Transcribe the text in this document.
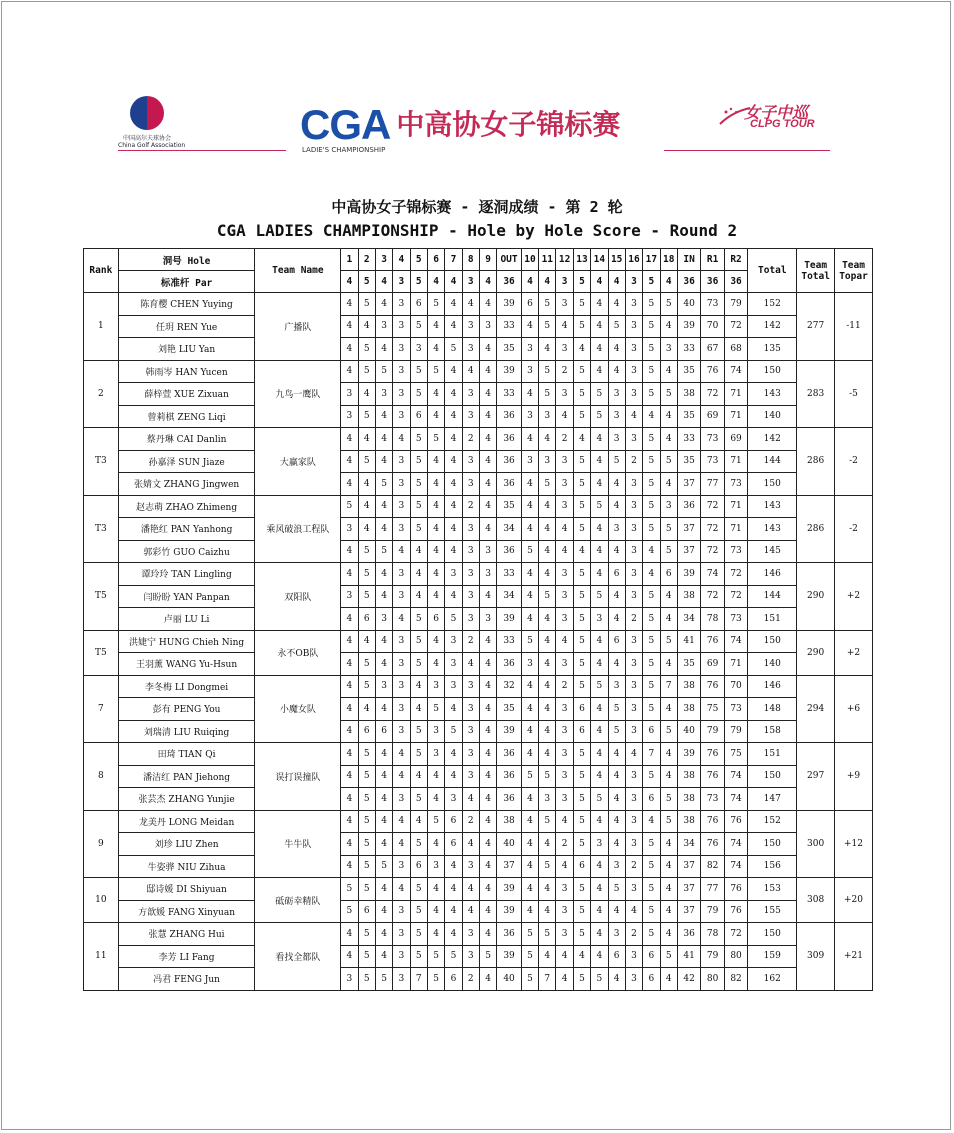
中国高尔夫球协会
China Golf Association	CGA 中高协女子锦标赛
LADIE'S CHAMPIONSHIP
女子中巡
CLPG TOUR
中高协女子锦标赛 - 逐洞成绩 - 第 2 轮
CGA LADIES CHAMPIONSHIP - Hole by Hole Score - Round 2
Rank	洞号 Hole	Team Name	1	2	3	4	5	6	7	8	9	OUT	10	11	12	13	14	15	16	17	18	IN	R1	R2	Total	Team Total	Team Topar
	标准杆 Par		4	5	4	3	5	4	4	3	4	36	4	4	3	5	4	4	3	5	4	36	36	36			
1	陈育樱 CHEN Yuying	广播队	4	5	4	3	6	5	4	4	4	39	6	5	3	5	4	4	3	5	5	40	73	79	152	277	-11
	任玥 REN Yue		4	4	3	3	5	4	4	3	3	33	4	5	4	5	4	5	3	5	4	39	70	72	142		
	刘艳 LIU Yan		4	5	4	3	3	4	5	3	4	35	3	4	3	4	4	4	3	5	3	33	67	68	135		
2	韩雨岑 HAN Yucen	九鸟一鹰队	4	5	5	3	5	5	4	4	4	39	3	5	2	5	4	4	3	5	4	35	76	74	150	283	-5
	薛梓萱 XUE Zixuan		3	4	3	3	5	4	4	3	4	33	4	5	3	5	5	3	3	5	5	38	72	71	143		
	曾莉棋 ZENG Liqi		3	5	4	3	6	4	4	3	4	36	3	3	4	5	5	3	4	4	4	35	69	71	140		
T3	蔡丹琳 CAI Danlin	大赢家队	4	4	4	4	5	5	4	2	4	36	4	4	2	4	4	3	3	5	4	33	73	69	142	286	-2
	孙嘉泽 SUN Jiaze		4	5	4	3	5	4	4	3	4	36	3	3	3	5	4	5	2	5	5	35	73	71	144		
	张婧文 ZHANG Jingwen		4	4	5	3	5	4	4	3	4	36	4	5	3	5	4	4	3	5	4	37	77	73	150		
T3	赵志萌 ZHAO Zhimeng	乘风破浪工程队	5	4	4	3	5	4	4	2	4	35	4	4	3	5	5	4	3	5	3	36	72	71	143	286	-2
	潘艳红 PAN Yanhong		3	4	4	3	5	4	4	3	4	34	4	4	4	5	4	3	3	5	5	37	72	71	143		
	郭彩竹 GUO Caizhu		4	5	5	4	4	4	4	3	3	36	5	4	4	4	4	4	3	4	5	37	72	73	145		
T5	谭玲玲 TAN Lingling	双阳队	4	5	4	3	4	4	3	3	3	33	4	4	3	5	4	6	3	4	6	39	74	72	146	290	+2
	闫盼盼 YAN Panpan		3	5	4	3	4	4	4	3	4	34	4	5	3	5	5	4	3	5	4	38	72	72	144		
	卢丽 LU Li		4	6	3	4	5	6	5	3	3	39	4	4	3	5	3	4	2	5	4	34	78	73	151		
T5	洪婕宁 HUNG Chieh Ning	永不OB队	4	4	4	3	5	4	3	2	4	33	5	4	4	5	4	6	3	5	5	41	76	74	150	290	+2
	王羽薰 WANG Yu-Hsun		4	5	4	3	5	4	3	4	4	36	3	4	3	5	4	4	3	5	4	35	69	71	140		
7	李冬梅 LI Dongmei	小魔女队	4	5	3	3	4	3	3	3	4	32	4	4	2	5	5	3	3	5	7	38	76	70	146	294	+6
	彭有 PENG You		4	4	4	3	4	5	4	3	4	35	4	4	3	6	4	5	3	5	4	38	75	73	148		
	刘瑞清 LIU Ruiqing		4	6	6	3	5	3	5	3	4	39	4	4	3	6	4	5	3	6	5	40	79	79	158		
8	田琦 TIAN Qi	误打误撞队	4	5	4	4	5	3	4	3	4	36	4	4	3	5	4	4	4	7	4	39	76	75	151	297	+9
	潘洁红 PAN Jiehong		4	5	4	4	4	4	4	3	4	36	5	5	3	5	4	4	3	5	4	38	76	74	150		
	张芸杰 ZHANG Yunjie		4	5	4	3	5	4	3	4	4	36	4	3	3	5	5	4	3	6	5	38	73	74	147		
9	龙美丹 LONG Meidan	牛牛队	4	5	4	4	4	5	6	2	4	38	4	5	4	5	4	4	3	4	5	38	76	76	152	300	+12
	刘珍 LIU Zhen		4	5	4	4	5	4	6	4	4	40	4	4	2	5	3	4	3	5	4	34	76	74	150		
	牛姿骅 NIU Zihua		4	5	5	3	6	3	4	3	4	37	4	5	4	6	4	3	2	5	4	37	82	74	156		
10	邸诗媛 DI Shiyuan	砥砺幸精队	5	5	4	4	5	4	4	4	4	39	4	4	3	5	4	5	3	5	4	37	77	76	153	308	+20
	方歆媛 FANG Xinyuan		5	6	4	3	5	4	4	4	4	39	4	4	3	5	4	4	4	5	4	37	79	76	155		
11	张慧 ZHANG Hui	看找全都队	4	5	4	3	5	4	4	3	4	36	5	5	3	5	4	3	2	5	4	36	78	72	150	309	+21
	李芳 LI Fang		4	5	4	3	5	5	5	3	5	39	5	4	4	4	4	6	3	6	5	41	79	80	159		
	冯君 FENG Jun		3	5	5	3	7	5	6	2	4	40	5	7	4	5	5	4	3	6	4	42	80	82	162		
